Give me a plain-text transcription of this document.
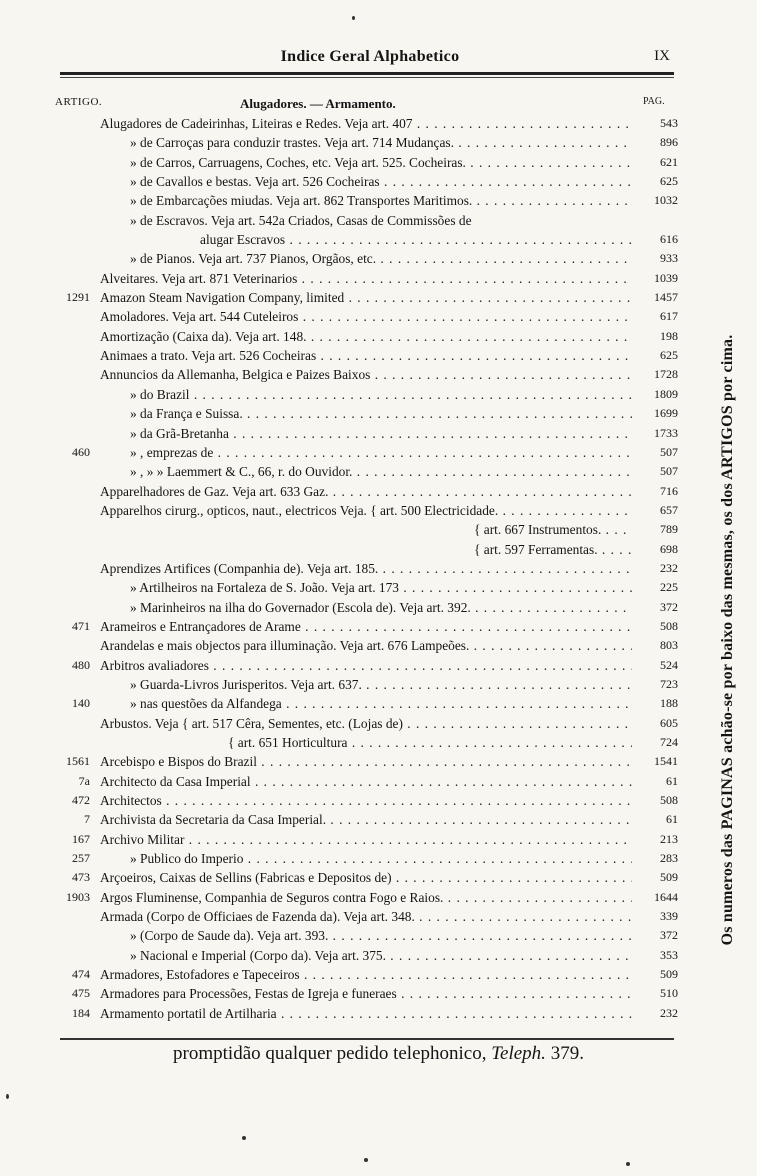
Indice Geral Alphabetico	IX
ARTIGO.	Alugadores. — Armamento.	PAG.
Alugadores de Cadeirinhas, Liteiras e Redes. Veja art. 407 . . .	543
» de Carroças para conduzir trastes. Veja art. 714 Mudanças. . . .	896
» de Carros, Carruagens, Coches, etc. Veja art. 525. Cocheiras. . . .	621
» de Cavallos e bestas. Veja art. 526 Cocheiras . . .	625
» de Embarcações miudas. Veja art. 862 Transportes Maritimos. . . .	1032
» de Escravos. Veja art. 542a Criados, Casas de Commissões de
alugar Escravos . . .	616
» de Pianos. Veja art. 737 Pianos, Orgãos, etc. . . .	933
Alveitares. Veja art. 871 Veterinarios . . .	1039
1291 Amazon Steam Navigation Company, limited . . .	1457
Amoladores. Veja art. 544 Cuteleiros . . .	617
Amortização (Caixa da). Veja art. 148. . . .	198
Animaes a trato. Veja art. 526 Cocheiras . . .	625
Annuncios da Allemanha, Belgica e Paizes Baixos . . .	1728
» do Brazil . . .	1809
» da França e Suissa. . . .	1699
» da Grã-Bretanha . . .	1733
460	» , emprezas de . . .	507
» , » » Laemmert & C., 66, r. do Ouvidor. . . .	507
Apparelhadores de Gaz. Veja art. 633 Gaz. . . .	716
Apparelhos cirurg., opticos, naut., electricos Veja. { art. 500 Electricidade. . . .	657
{ art. 667 Instrumentos. . . .	789
{ art. 597 Ferramentas. . . .	698
Aprendizes Artifices (Companhia de). Veja art. 185. . . .	232
» Artilheiros na Fortaleza de S. João. Veja art. 173 . . .	225
» Marinheiros na ilha do Governador (Escola de). Veja art. 392. . . .	372
471 Arameiros e Entrançadores de Arame . . .	508
Arandelas e mais objectos para illuminação. Veja art. 676 Lampeões. . . .	803
480 Arbitros avaliadores . . .	524
» Guarda-Livros Jurisperitos. Veja art. 637. . . .	723
140	» nas questões da Alfandega . . .	188
Arbustos. Veja { art. 517 Cêra, Sementes, etc. (Lojas de) . . .	605
{ art. 651 Horticultura . . .	724
1561 Arcebispo e Bispos do Brazil . . .	1541
7a Architecto da Casa Imperial . . .	61
472 Architectos . . .	508
7 Archivista da Secretaria da Casa Imperial. . . .	61
167 Archivo Militar . . .	213
257	» Publico do Imperio . . .	283
473 Arçoeiros, Caixas de Sellins (Fabricas e Depositos de) . . .	509
1903 Argos Fluminense, Companhia de Seguros contra Fogo e Raios. . . .	1644
Armada (Corpo de Officiaes de Fazenda da). Veja art. 348. . . .	339
» (Corpo de Saude da). Veja art. 393. . . .	372
» Nacional e Imperial (Corpo da). Veja art. 375. . . .	353
474 Armadores, Estofadores e Tapeceiros . . .	509
475 Armadores para Processões, Festas de Igreja e funeraes . . .	510
184 Armamento portatil de Artilharia . . .	232
promptidão qualquer pedido telephonico, Teleph. 379.
Os numeros das PAGINAS achão-se por baixo das mesmas, os dos ARTIGOS por cima.
